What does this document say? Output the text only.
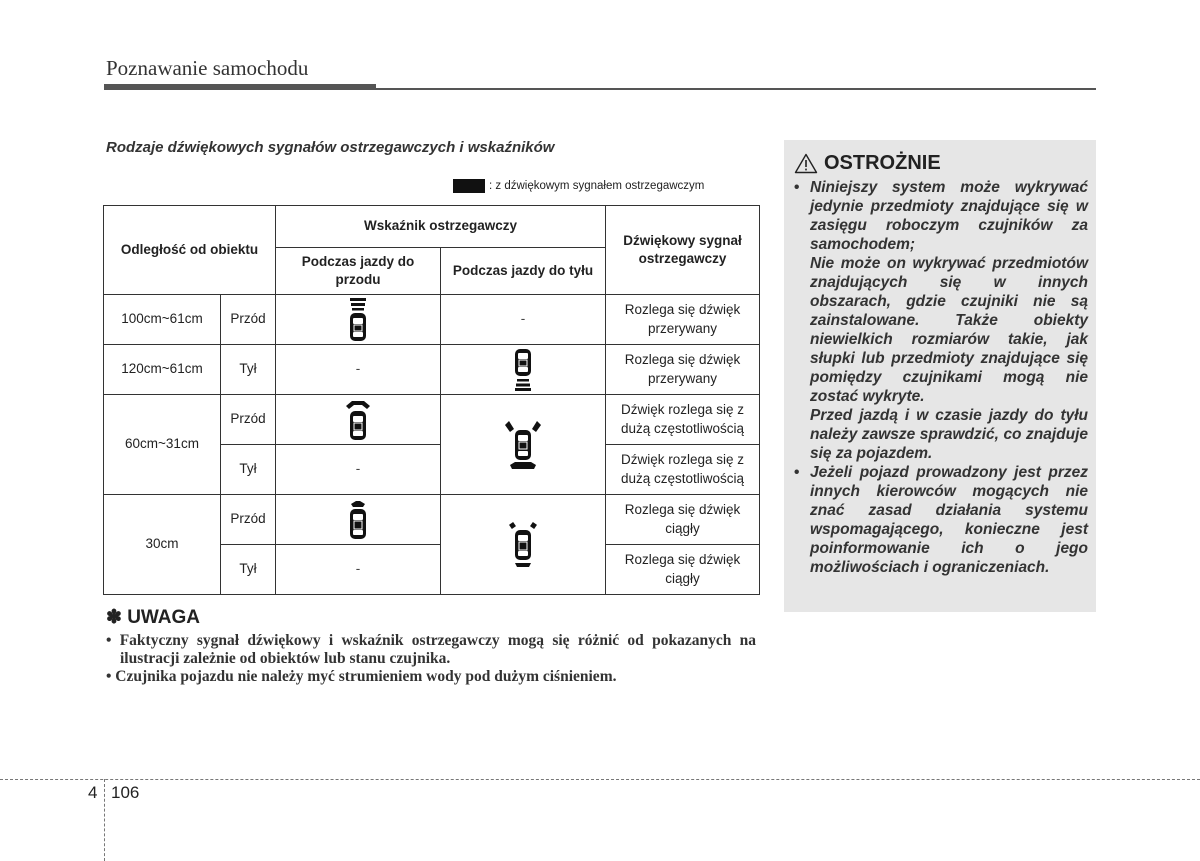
Poznawanie samochodu
Rodzaje dźwiękowych sygnałów ostrzegawczych i wskaźników
: z dźwiękowym sygnałem ostrzegawczym
Odległość od obiektu		Wskaźnik ostrzegawczy		Dźwiękowy sygnał ostrzegawczy
		Podczas jazdy do przodu	Podczas jazdy do tyłu	
100cm~61cm	Przód		-	Rozlega się dźwięk przerywany
120cm~61cm	Tył	-		Rozlega się dźwięk przerywany
60cm~31cm	Przód			Dźwięk rozlega się z dużą częstotliwością
	Tył	-		Dźwięk rozlega się z dużą częstotliwością
30cm	Przód			Rozlega się dźwięk ciągły
	Tył	-		Rozlega się dźwięk ciągły
✽ UWAGA
• Faktyczny sygnał dźwiękowy i wskaźnik ostrzegawczy mogą się różnić od pokazanych na ilustracji zależnie od obiektów lub stanu czujnika.
• Czujnika pojazdu nie należy myć strumieniem wody pod dużym ciśnieniem.
OSTROŻNIE

• Niniejszy system może wykrywać jedynie przedmioty znajdujące się w zasięgu roboczym czujników za samochodem;

Nie może on wykrywać przedmiotów znajdujących się w innych obszarach, gdzie czujniki nie są zainstalowane. Także obiekty niewielkich rozmiarów takie, jak słupki lub przedmioty znajdujące się pomiędzy czujnikami mogą nie zostać wykryte.

Przed jazdą i w czasie jazdy do tyłu należy zawsze sprawdzić, co znajduje się za pojazdem.

• Jeżeli pojazd prowadzony jest przez innych kierowców mogących nie znać zasad działania systemu wspomagającego, konieczne jest poinformowanie ich o jego możliwościach i ograniczeniach.

4 106
